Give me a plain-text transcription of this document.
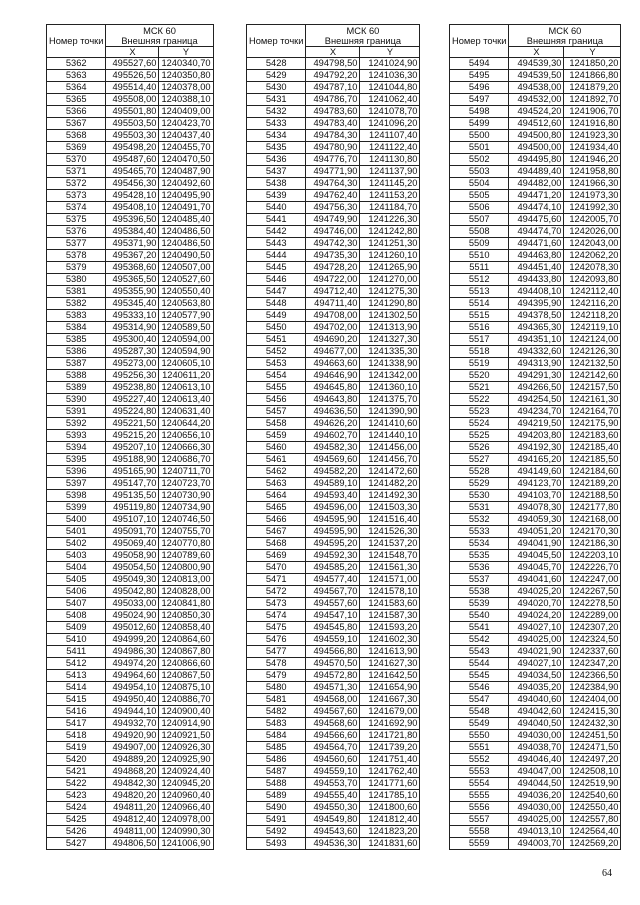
Номер точки	МСК 60
Внешняя граница	

	X	Y
5362	495527,60	1240340,70
5363	495526,50	1240350,80
5364	495514,40	1240378,00
5365	495508,00	1240388,10
5366	495501,80	1240409,00
5367	495503,50	1240423,70
5368	495503,30	1240437,40
5369	495498,20	1240455,70
5370	495487,60	1240470,50
5371	495465,70	1240487,90
5372	495456,30	1240492,60
5373	495428,10	1240495,90
5374	495408,10	1240491,70
5375	495396,50	1240485,40
5376	495384,40	1240486,50
5377	495371,90	1240486,50
5378	495367,20	1240490,50
5379	495368,60	1240507,00
5380	495365,50	1240527,60
5381	495355,90	1240550,40
5382	495345,40	1240563,80
5383	495333,10	1240577,90
5384	495314,90	1240589,50
5385	495300,40	1240594,00
5386	495287,30	1240594,90
5387	495273,00	1240605,10
5388	495256,30	1240611,20
5389	495238,80	1240613,10
5390	495227,40	1240613,40
5391	495224,80	1240631,40
5392	495221,50	1240644,20
5393	495215,20	1240656,10
5394	495207,10	1240666,30
5395	495188,90	1240686,70
5396	495165,90	1240711,70
5397	495147,70	1240723,70
5398	495135,50	1240730,90
5399	495119,80	1240734,90
5400	495107,10	1240746,50
5401	495091,70	1240755,70
5402	495069,40	1240770,80
5403	495058,90	1240789,60
5404	495054,50	1240800,90
5405	495049,30	1240813,00
5406	495042,80	1240828,00
5407	495033,00	1240841,80
5408	495024,90	1240850,30
5409	495012,60	1240858,40
5410	494999,20	1240864,60
5411	494986,30	1240867,80
5412	494974,20	1240866,60
5413	494964,60	1240867,50
5414	494954,10	1240875,10
5415	494950,40	1240886,70
5416	494944,10	1240900,40
5417	494932,70	1240914,90
5418	494920,90	1240921,50
5419	494907,00	1240926,30
5420	494889,20	1240925,90
5421	494868,20	1240924,40
5422	494842,30	1240945,20
5423	494820,20	1240960,40
5424	494811,20	1240966,40
5425	494812,40	1240978,00
5426	494811,00	1240990,30
5427	494806,50	1241006,90
Номер точки	МСК 60
Внешняя граница	

	X	Y
5428	494798,50	1241024,90
5429	494792,20	1241036,30
5430	494787,10	1241044,80
5431	494786,70	1241062,40
5432	494783,60	1241078,70
5433	494783,40	1241096,20
5434	494784,30	1241107,40
5435	494780,90	1241122,40
5436	494776,70	1241130,80
5437	494771,90	1241137,90
5438	494764,30	1241145,20
5439	494762,40	1241153,20
5440	494756,30	1241184,70
5441	494749,90	1241226,30
5442	494746,00	1241242,80
5443	494742,30	1241251,30
5444	494735,30	1241260,10
5445	494728,20	1241265,90
5446	494722,00	1241270,00
5447	494712,40	1241275,30
5448	494711,40	1241290,80
5449	494708,00	1241302,50
5450	494702,00	1241313,90
5451	494690,20	1241327,30
5452	494677,00	1241335,30
5453	494663,60	1241338,90
5454	494646,90	1241342,00
5455	494645,80	1241360,10
5456	494643,80	1241375,70
5457	494636,50	1241390,90
5458	494626,20	1241410,60
5459	494602,70	1241440,10
5460	494582,30	1241456,00
5461	494569,60	1241456,70
5462	494582,20	1241472,60
5463	494589,10	1241482,20
5464	494593,40	1241492,30
5465	494596,00	1241503,30
5466	494595,90	1241516,40
5467	494595,90	1241526,30
5468	494595,20	1241537,20
5469	494592,30	1241548,70
5470	494585,20	1241561,30
5471	494577,40	1241571,00
5472	494567,70	1241578,10
5473	494557,60	1241583,60
5474	494547,10	1241587,30
5475	494545,80	1241593,20
5476	494559,10	1241602,30
5477	494566,80	1241613,90
5478	494570,50	1241627,30
5479	494572,80	1241642,50
5480	494571,30	1241654,90
5481	494568,00	1241667,30
5482	494567,60	1241679,00
5483	494568,60	1241692,90
5484	494566,60	1241721,80
5485	494564,70	1241739,20
5486	494560,60	1241751,40
5487	494559,10	1241762,40
5488	494553,70	1241771,60
5489	494555,40	1241785,10
5490	494550,30	1241800,60
5491	494549,80	1241812,40
5492	494543,60	1241823,20
5493	494536,30	1241831,60
Номер точки	МСК 60
Внешняя граница	

	X	Y
5494	494539,30	1241850,20
5495	494539,50	1241866,80
5496	494538,00	1241879,20
5497	494532,00	1241892,70
5498	494524,20	1241906,70
5499	494512,60	1241916,80
5500	494500,80	1241923,30
5501	494500,00	1241934,40
5502	494495,80	1241946,20
5503	494489,40	1241958,80
5504	494482,00	1241966,30
5505	494471,20	1241973,30
5506	494474,10	1241992,30
5507	494475,60	1242005,70
5508	494474,70	1242026,00
5509	494471,60	1242043,00
5510	494463,80	1242062,20
5511	494451,40	1242078,30
5512	494433,80	1242093,80
5513	494408,10	1242112,40
5514	494395,90	1242116,20
5515	494378,50	1242118,20
5516	494365,30	1242119,10
5517	494351,10	1242124,00
5518	494332,60	1242126,30
5519	494313,90	1242132,50
5520	494291,30	1242142,60
5521	494266,50	1242157,50
5522	494254,50	1242161,30
5523	494234,70	1242164,70
5524	494219,50	1242175,90
5525	494203,80	1242183,60
5526	494192,30	1242185,40
5527	494165,20	1242185,50
5528	494149,60	1242184,60
5529	494123,70	1242189,20
5530	494103,70	1242188,50
5531	494078,30	1242177,80
5532	494059,30	1242168,00
5533	494051,20	1242170,30
5534	494041,90	1242186,30
5535	494045,50	1242203,10
5536	494045,70	1242226,70
5537	494041,60	1242247,00
5538	494025,20	1242267,50
5539	494020,70	1242278,50
5540	494024,20	1242289,00
5541	494027,10	1242307,20
5542	494025,00	1242324,50
5543	494021,90	1242337,60
5544	494027,10	1242347,20
5545	494034,50	1242366,50
5546	494035,20	1242384,90
5547	494040,60	1242404,00
5548	494042,60	1242415,30
5549	494040,50	1242432,30
5550	494030,00	1242451,50
5551	494038,70	1242471,50
5552	494046,40	1242497,20
5553	494047,00	1242508,10
5554	494044,50	1242519,90
5555	494036,20	1242540,60
5556	494030,00	1242550,40
5557	494025,00	1242557,80
5558	494013,10	1242564,40
5559	494003,70	1242569,20
64
